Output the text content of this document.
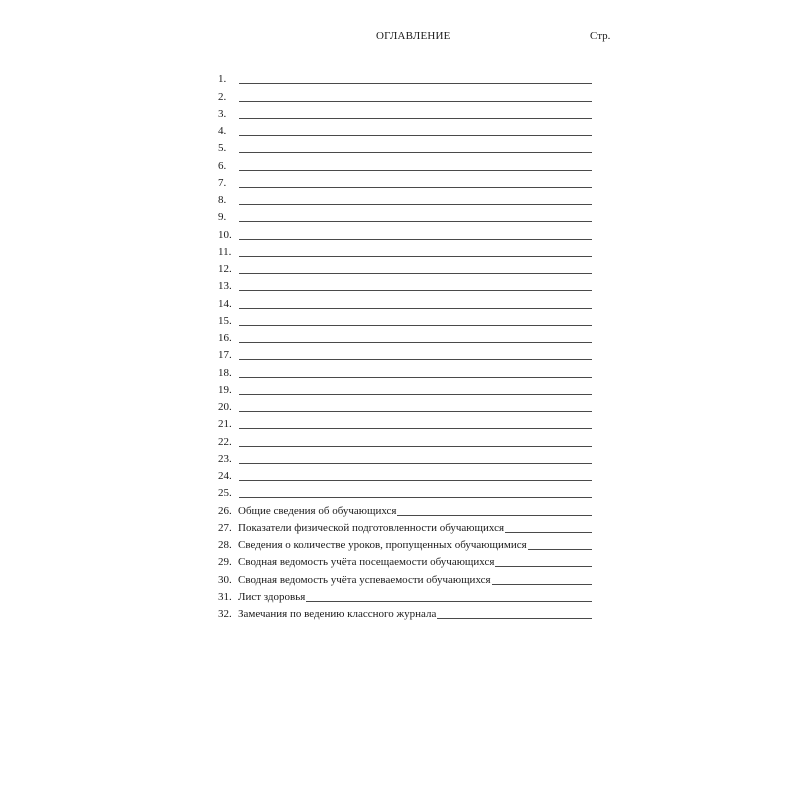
ОГЛАВЛЕНИЕ	Стр.
1.
2.
3.
4.
5.
6.
7.
8.
9.
10.
11.
12.
13.
14.
15.
16.
17.
18.
19.
20.
21.
22.
23.
24.
25.
26. Общие сведения об обучающихся
27. Показатели физической подготовленности обучающихся
28. Сведения о количестве уроков, пропущенных обучающимися
29. Сводная ведомость учёта посещаемости обучающихся
30. Сводная ведомость учёта успеваемости обучающихся
31. Лист здоровья
32. Замечания по ведению классного журнала
